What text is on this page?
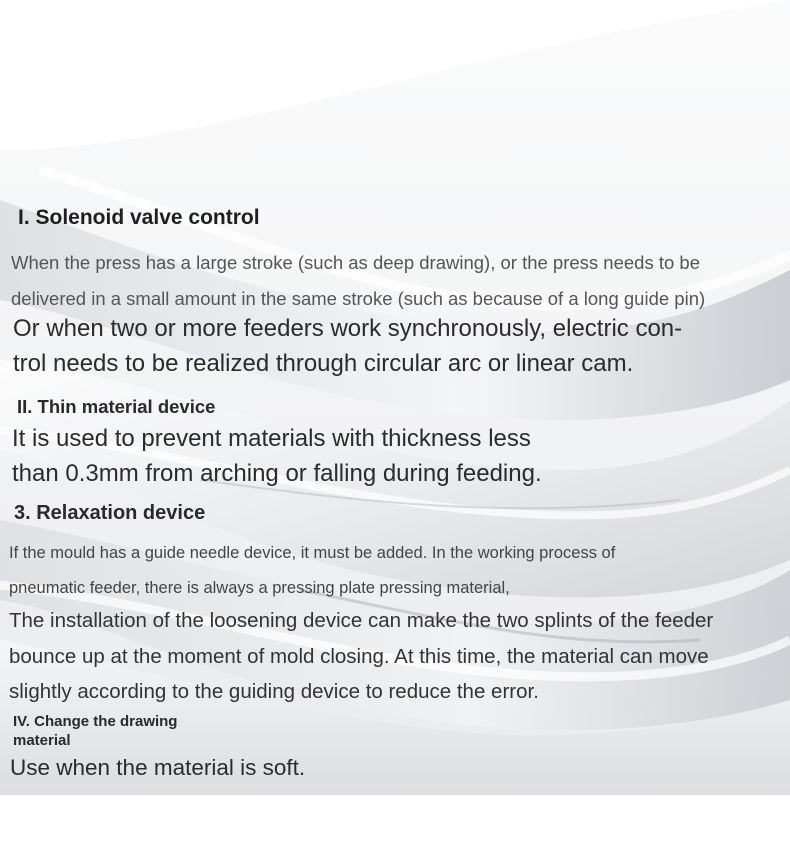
I. Solenoid valve control

When the press has a large stroke (such as deep drawing), or the press needs to be
delivered in a small amount in the same stroke (such as because of a long guide pin)

Or when two or more feeders work synchronously, electric con-
trol needs to be realized through circular arc or linear cam.

II. Thin material device

It is used to prevent materials with thickness less
than 0.3mm from arching or falling during feeding.

3. Relaxation device

If the mould has a guide needle device, it must be added. In the working process of
pneumatic feeder, there is always a pressing plate pressing material,

The installation of the loosening device can make the two splints of the feeder
bounce up at the moment of mold closing. At this time, the material can move
slightly according to the guiding device to reduce the error.

IV. Change the drawing
material

Use when the material is soft.
